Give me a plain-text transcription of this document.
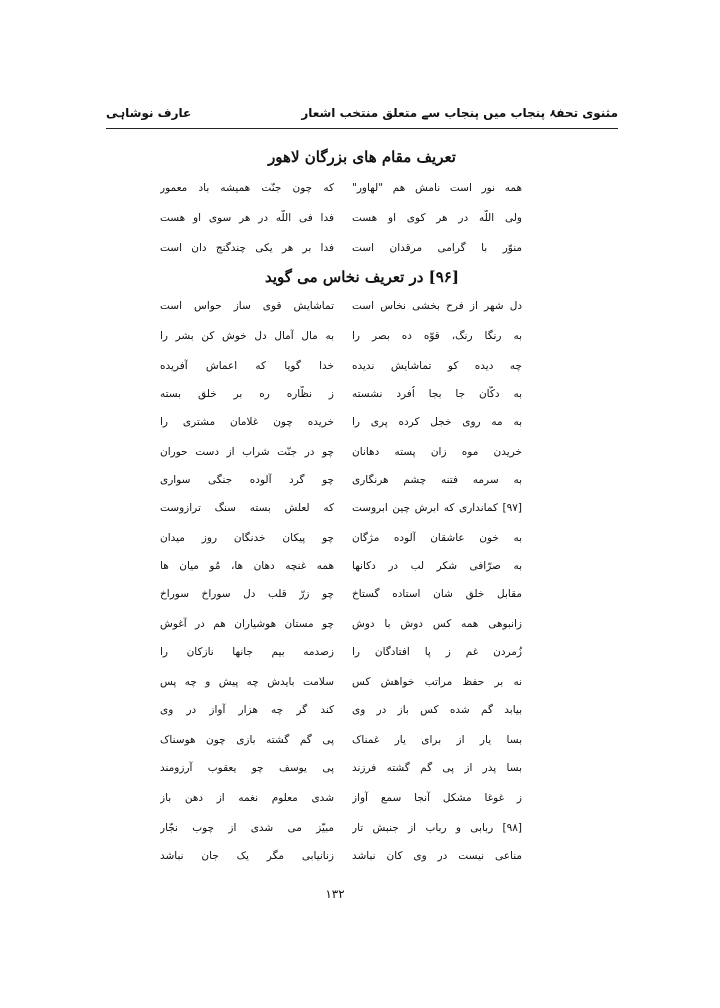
مثنوی تحفۂ پنجاب میں پنجاب سے متعلق منتخب اشعار
عارف نوشاہی
تعریف مقام های بزرگان لاهور
همه نور است نامش هم "لهاور"
که چون جنّت همیشه باد معمور
ولی اللّه در هر کوی او هست
فدا فی اللّه در هر سوی او هست
منوّر با گرامی مرقدان است
فدا بر هر یکی چندگنج دان است
[۹۶] در تعریف نخاس می گوید
دل شهر از فرح بخشی نخاس است
تماشایش قوی ساز حواس است
به رنگا رنگ، قوّه ده بصر را
به مال آمال دل خوش کن بشر را
چه دیده کو تماشایش ندیده
خدا گویا که اعماش آفریده
به دکّان جا بجا اُفرد نشسته
ز نظّاره ره بر خلق بسته
به مه روی خجل کرده پری را
خریده چون غلامان مشتری را
خریدن موه زان پسته دهانان
چو در جنّت شراب از دست حوران
به سرمه فتنه چشم هرنگاری
چو گرد آلوده جنگی سواری
[۹۷] کمانداری که ابرش چین ابروست
که لعلش بسته سنگ ترازوست
به خون عاشقان آلوده مژگان
چو پیکان خدنگان روز میدان
به صرّافی شکر لب در دکانها
همه غنچه دهان ها، مُو میان ها
مقابل خلق شان استاده گستاخ
چو زرّ قلب دل سوراخ سوراخ
زانبوهی همه کس دوش با دوش
چو مستان هوشیاران هم در آغوش
زُمردن غم ز پا افتادگان را
زصدمه بیم جانها نازکان را
نه بر حفظ مراتب خواهش کس
سلامت بایدش چه پیش و چه پس
بیابد گم شده کس باز در وی
کند گر چه هزار آواز در وی
بسا یار از برای یار غمناک
پی گم گشته بازی چون هوسناک
بسا پدر از پی گم گشته فرزند
پی یوسف چو یعقوب آرزومند
ز غوغا مشکل آنجا سمع آواز
شدی معلوم نغمه از دهن باز
[۹۸] ربابی و رباب از جنبش تار
مبیّز می شدی از چوب نجّار
مناعی نیست در وی کان نباشد
زنانیابی مگر یک جان نباشد
۱۳۲
